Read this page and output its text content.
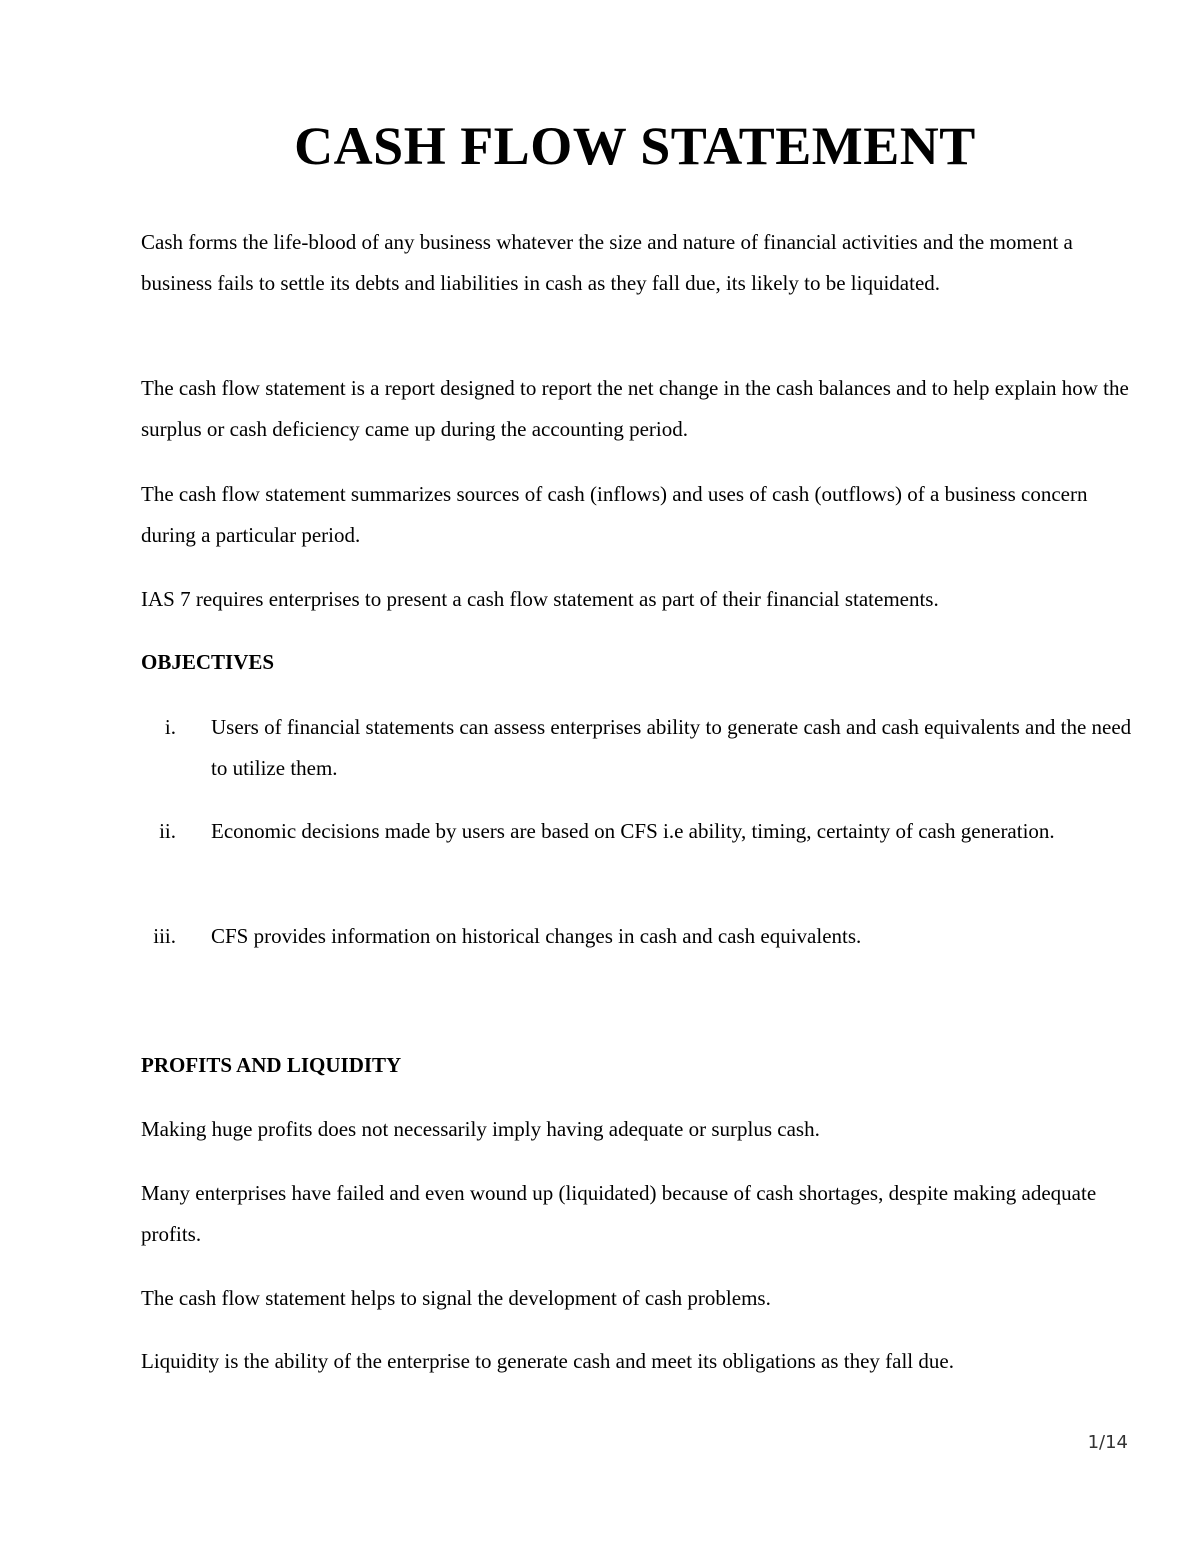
CASH FLOW STATEMENT

Cash forms the life-blood of any business whatever the size and nature of financial activities and the moment a business fails to settle its debts and liabilities in cash as they fall due, its likely to be liquidated.

The cash flow statement is a report designed to report the net change in the cash balances and to help explain how the surplus or cash deficiency came up during the accounting period.

The cash flow statement summarizes sources of cash (inflows) and uses of cash (outflows) of a business concern during a particular period.

IAS 7 requires enterprises to present a cash flow statement as part of their financial statements.

OBJECTIVES
i. Users of financial statements can assess enterprises ability to generate cash and cash equivalents and the need to utilize them.
ii. Economic decisions made by users are based on CFS i.e ability, timing, certainty of cash generation.
iii. CFS provides information on historical changes in cash and cash equivalents.
PROFITS AND LIQUIDITY

Making huge profits does not necessarily imply having adequate or surplus cash.

Many enterprises have failed and even wound up (liquidated) because of cash shortages, despite making adequate profits.

The cash flow statement helps to signal the development of cash problems.

Liquidity is the ability of the enterprise to generate cash and meet its obligations as they fall due.

1/14
